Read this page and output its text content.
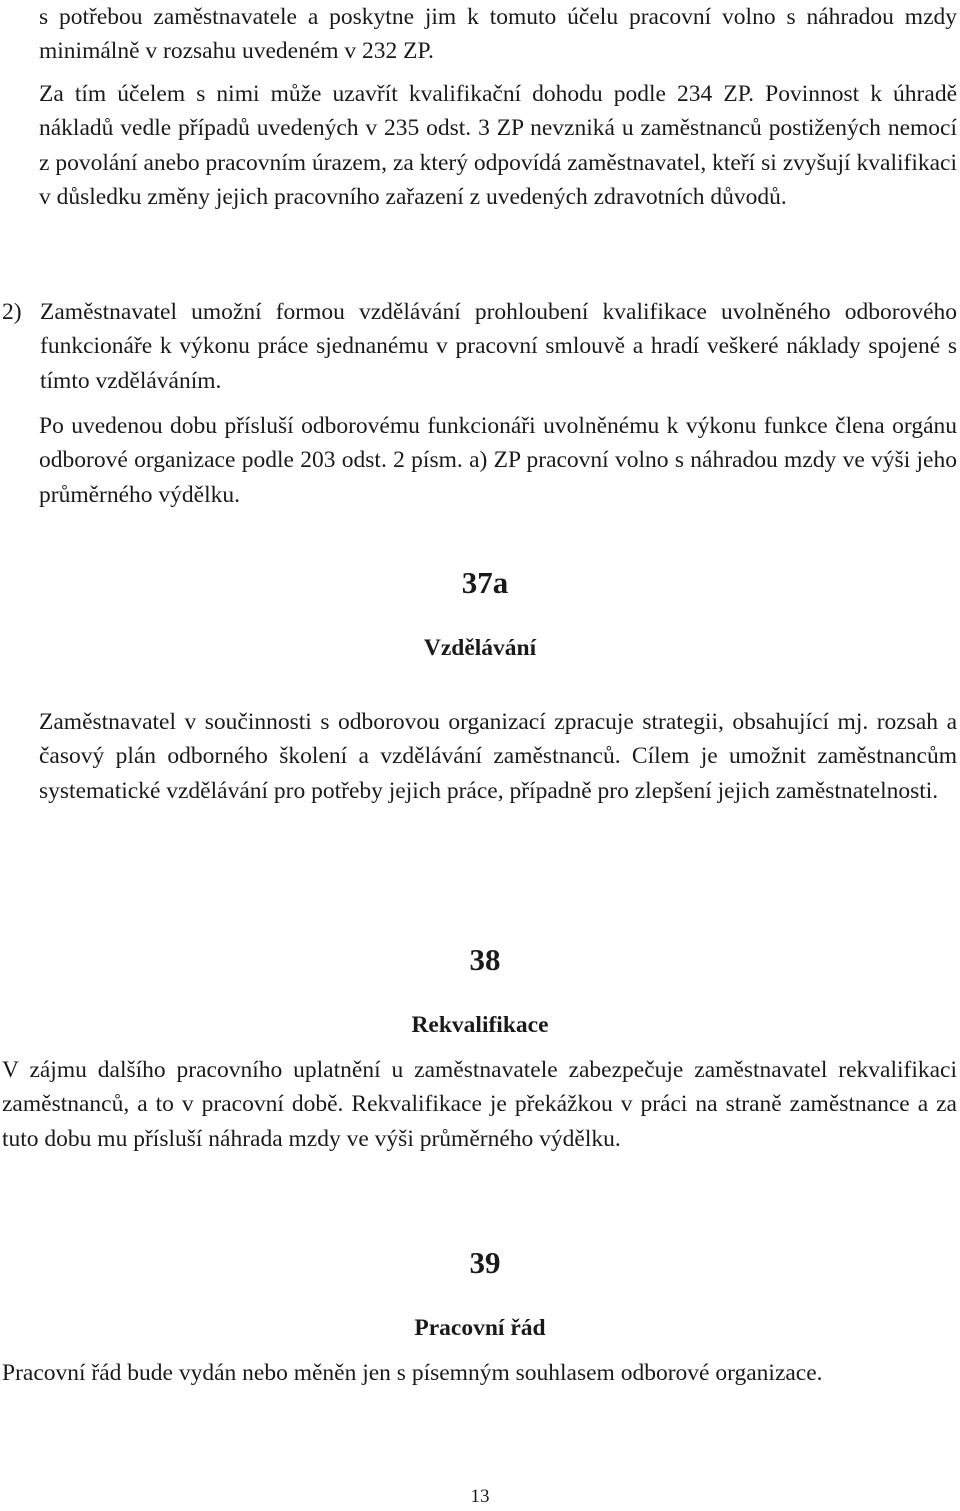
s potřebou zaměstnavatele a poskytne jim k tomuto účelu pracovní volno s náhradou mzdy minimálně v rozsahu uvedeném v 232 ZP.

Za tím účelem s nimi může uzavřít kvalifikační dohodu podle 234 ZP. Povinnost k úhradě nákladů vedle případů uvedených v 235 odst. 3 ZP nevzniká u zaměstnanců postižených nemocí z povolání anebo pracovním úrazem, za který odpovídá zaměstnavatel, kteří si zvyšují kvalifikaci v důsledku změny jejich pracovního zařazení z uvedených zdravotních důvodů.

2) Zaměstnavatel umožní formou vzdělávání prohloubení kvalifikace uvolněného odborového funkcionáře k výkonu práce sjednanému v pracovní smlouvě a hradí veškeré náklady spojené s tímto vzděláváním.

Po uvedenou dobu přísluší odborovému funkcionáři uvolněnému k výkonu funkce člena orgánu odborové organizace podle 203 odst. 2 písm. a) ZP pracovní volno s náhradou mzdy ve výši jeho průměrného výdělku.

37a
Vzdělávání

Zaměstnavatel v součinnosti s odborovou organizací zpracuje strategii, obsahující mj. rozsah a časový plán odborného školení a vzdělávání zaměstnanců. Cílem je umožnit zaměstnancům systematické vzdělávání pro potřeby jejich práce, případně pro zlepšení jejich zaměstnatelnosti.

38
Rekvalifikace

V zájmu dalšího pracovního uplatnění u zaměstnavatele zabezpečuje zaměstnavatel rekvalifikaci zaměstnanců, a to v pracovní době. Rekvalifikace je překážkou v práci na straně zaměstnance a za tuto dobu mu přísluší náhrada mzdy ve výši průměrného výdělku.

39
Pracovní řád

Pracovní řád bude vydán nebo měněn jen s písemným souhlasem odborové organizace.

13
